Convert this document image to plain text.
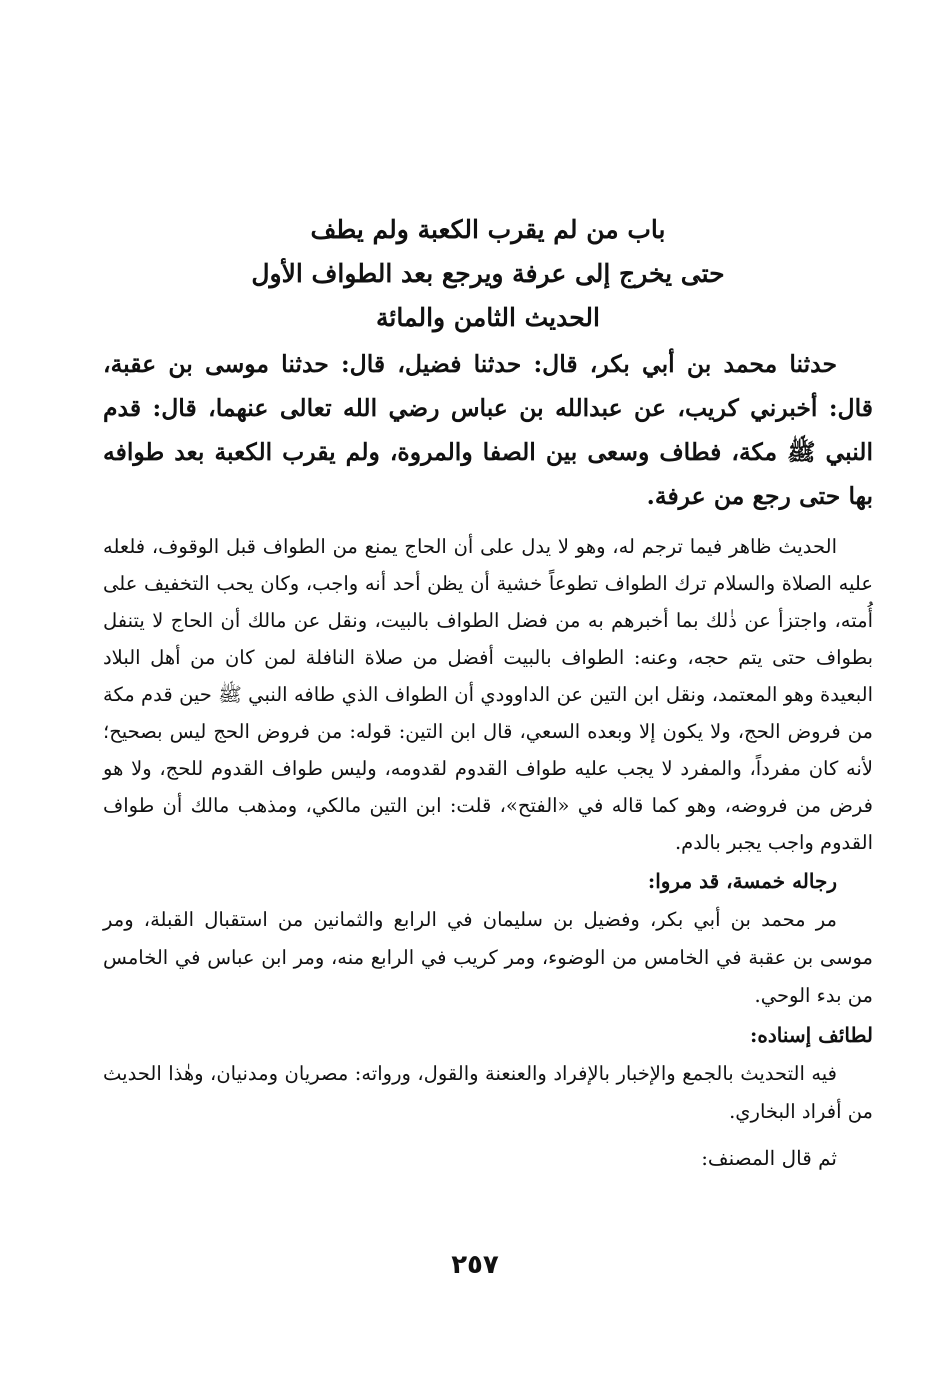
باب من لم يقرب الكعبة ولم يطف
حتى يخرج إلى عرفة ويرجع بعد الطواف الأول
الحديث الثامن والمائة
حدثنا محمد بن أبي بكر، قال: حدثنا فضيل، قال: حدثنا موسى بن عقبة، قال: أخبرني كريب، عن عبدالله بن عباس رضي الله تعالى عنهما، قال: قدم النبي ﷺ مكة، فطاف وسعى بين الصفا والمروة، ولم يقرب الكعبة بعد طوافه بها حتى رجع من عرفة.
الحديث ظاهر فيما ترجم له، وهو لا يدل على أن الحاج يمنع من الطواف قبل الوقوف، فلعله عليه الصلاة والسلام ترك الطواف تطوعاً خشية أن يظن أحد أنه واجب، وكان يحب التخفيف على أُمته، واجتزأ عن ذٰلك بما أخبرهم به من فضل الطواف بالبيت، ونقل عن مالك أن الحاج لا يتنفل بطواف حتى يتم حجه، وعنه: الطواف بالبيت أفضل من صلاة النافلة لمن كان من أهل البلاد البعيدة وهو المعتمد، ونقل ابن التين عن الداوودي أن الطواف الذي طافه النبي ﷺ حين قدم مكة من فروض الحج، ولا يكون إلا وبعده السعي، قال ابن التين: قوله: من فروض الحج ليس بصحيح؛ لأنه كان مفرداً، والمفرد لا يجب عليه طواف القدوم لقدومه، وليس طواف القدوم للحج، ولا هو فرض من فروضه، وهو كما قاله في «الفتح»، قلت: ابن التين مالكي، ومذهب مالك أن طواف القدوم واجب يجبر بالدم.
رجاله خمسة، قد مروا:
مر محمد بن أبي بكر، وفضيل بن سليمان في الرابع والثمانين من استقبال القبلة، ومر موسى بن عقبة في الخامس من الوضوء، ومر كريب في الرابع منه، ومر ابن عباس في الخامس من بدء الوحي.
لطائف إسناده:
فيه التحديث بالجمع والإخبار بالإفراد والعنعنة والقول، ورواته: مصريان ومدنيان، وهٰذا الحديث من أفراد البخاري.
ثم قال المصنف:
٢٥٧
